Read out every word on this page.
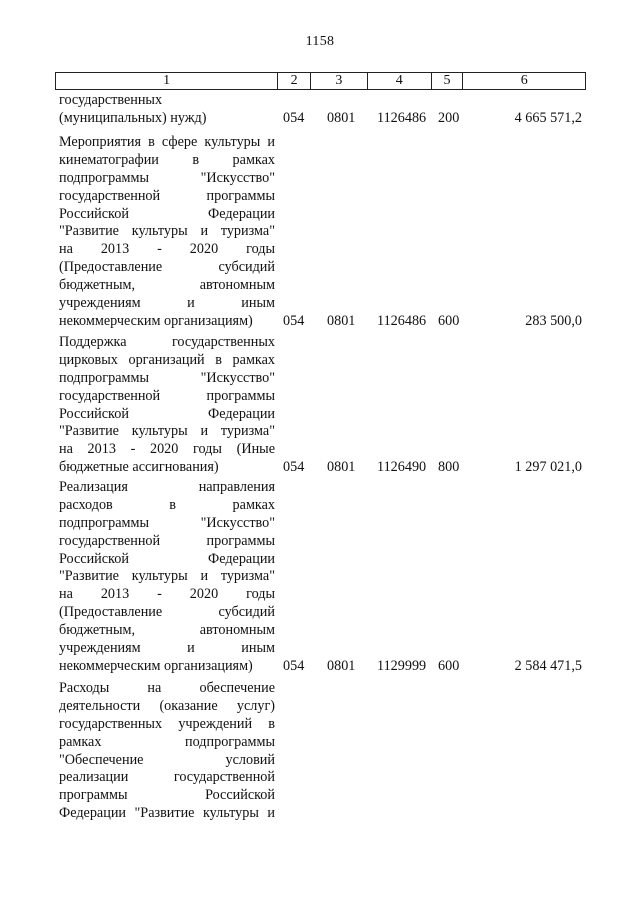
1158
1	2	3	4	5	6
государственных
(муниципальных) нужд)	054 0801 1126486 200	4 665 571,2
Мероприятия в сфере культуры и
кинематографии в рамках
подпрограммы "Искусство"
государственной программы
Российской Федерации
"Развитие культуры и туризма"
на 2013 - 2020 годы
(Предоставление субсидий
бюджетным, автономным
учреждениям и иным
некоммерческим организациям)	054 0801 1126486 600	283 500,0
Поддержка государственных
цирковых организаций в рамках
подпрограммы "Искусство"
государственной программы
Российской Федерации
"Развитие культуры и туризма"
на 2013 - 2020 годы (Иные
бюджетные ассигнования)	054 0801 1126490 800	1 297 021,0
Реализация направления
расходов в рамках
подпрограммы "Искусство"
государственной программы
Российской Федерации
"Развитие культуры и туризма"
на 2013 - 2020 годы
(Предоставление субсидий
бюджетным, автономным
учреждениям и иным
некоммерческим организациям)	054 0801 1129999 600	2 584 471,5
Расходы на обеспечение
деятельности (оказание услуг)
государственных учреждений в
рамках подпрограммы
"Обеспечение условий
реализации государственной
программы Российской
Федерации "Развитие культуры и
